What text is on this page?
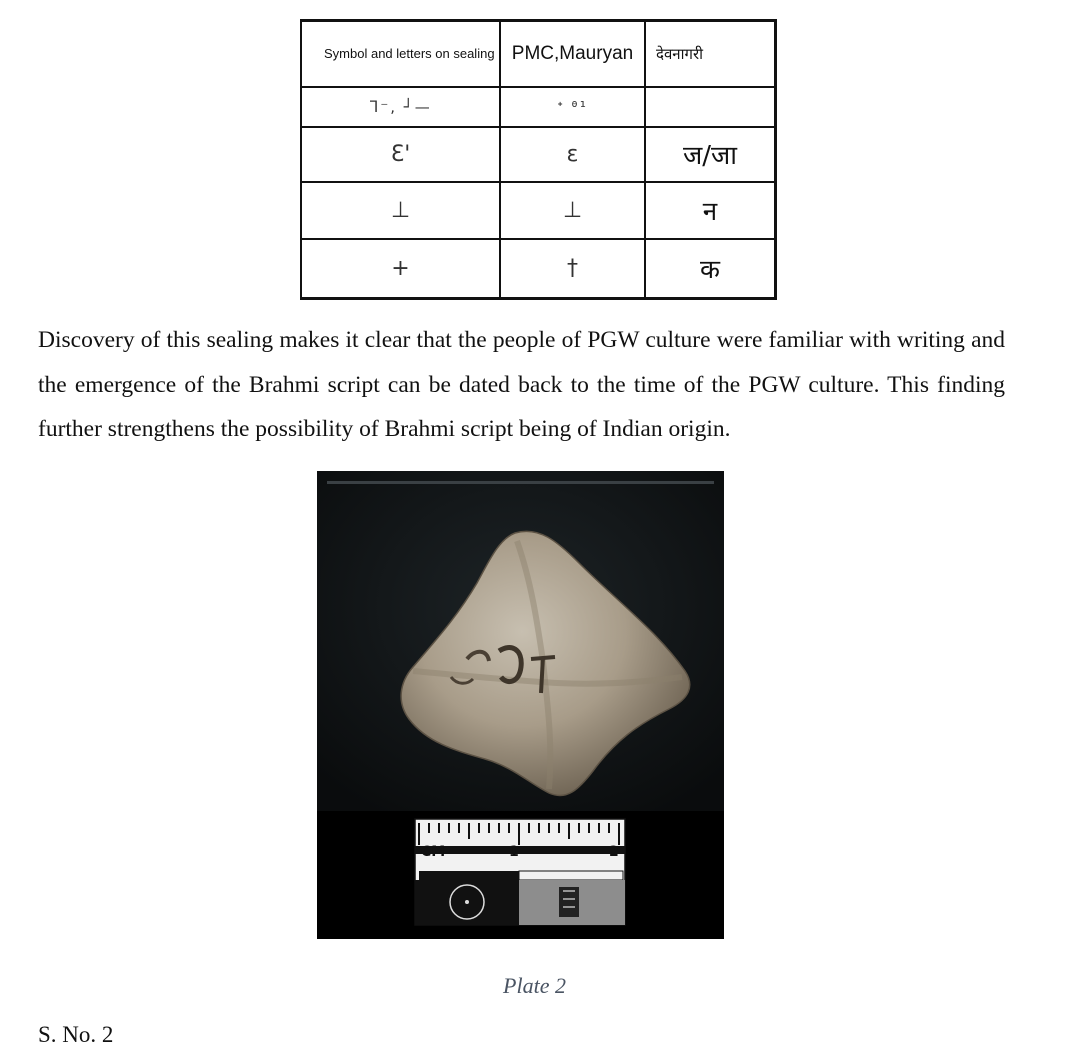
Symbol and letters on sealing	PMC,Mauryan	देवनागरी
ᒣ⁻, ┘—	ᐩ ᶿ¹	
Ɛ'	ε	ज/जा
⊥	⊥	न
+	†	क

Discovery of this sealing makes it clear that the people of PGW culture were familiar with writing and the emergence of the Brahmi script can be dated back to the time of the PGW culture. This finding further strengthens the possibility of Brahmi script being of Indian origin.

CM	1	2
Plate 2
S. No. 2
